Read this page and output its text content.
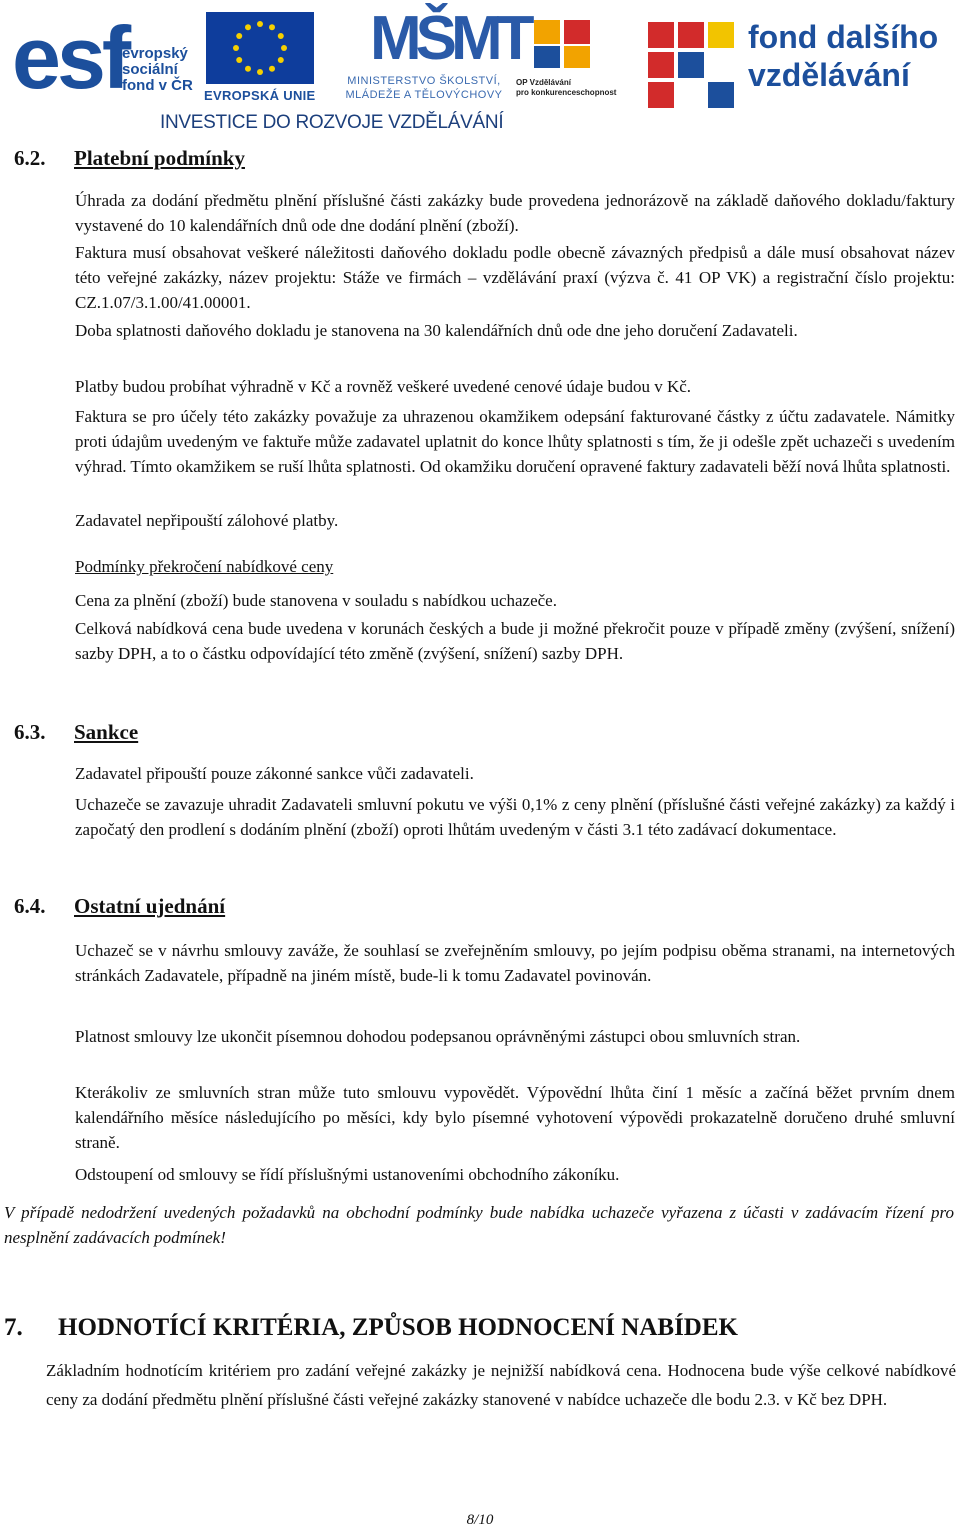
esf
evropský
sociální
fond v ČR
EVROPSKÁ UNIE
MŠMT
MINISTERSTVO ŠKOLSTVÍ,
MLÁDEŽE A TĚLOVÝCHOVY
OP Vzdělávání
pro konkurenceschopnost
fond dalšího
vzdělávání
INVESTICE DO ROZVOJE VZDĚLÁVÁNÍ
6.2. Platební podmínky

Úhrada za dodání předmětu plnění příslušné části zakázky bude provedena jednorázově na základě daňového dokladu/faktury vystavené do 10 kalendářních dnů ode dne dodání plnění (zboží).

Faktura musí obsahovat veškeré náležitosti daňového dokladu podle obecně závazných předpisů a dále musí obsahovat název této veřejné zakázky, název projektu: Stáže ve firmách – vzdělávání praxí (výzva č. 41 OP VK) a registrační číslo projektu: CZ.1.07/3.1.00/41.00001.

Doba splatnosti daňového dokladu je stanovena na 30 kalendářních dnů ode dne jeho doručení Zadavateli.

Platby budou probíhat výhradně v Kč a rovněž veškeré uvedené cenové údaje budou v Kč.

Faktura se pro účely této zakázky považuje za uhrazenou okamžikem odepsání fakturované částky z účtu zadavatele. Námitky proti údajům uvedeným ve faktuře může zadavatel uplatnit do konce lhůty splatnosti s tím, že ji odešle zpět uchazeči s uvedením výhrad. Tímto okamžikem se ruší lhůta splatnosti. Od okamžiku doručení opravené faktury zadavateli běží nová lhůta splatnosti.

Zadavatel nepřipouští zálohové platby.

Podmínky překročení nabídkové ceny

Cena za plnění (zboží) bude stanovena v souladu s nabídkou uchazeče.

Celková nabídková cena bude uvedena v korunách českých a bude ji možné překročit pouze v případě změny (zvýšení, snížení) sazby DPH, a to o částku odpovídající této změně (zvýšení, snížení) sazby DPH.

6.3. Sankce

Zadavatel připouští pouze zákonné sankce vůči zadavateli.

Uchazeče se zavazuje uhradit Zadavateli smluvní pokutu ve výši 0,1% z ceny plnění (příslušné části veřejné zakázky) za každý i započatý den prodlení s dodáním plnění (zboží) oproti lhůtám uvedeným v části 3.1 této zadávací dokumentace.

6.4. Ostatní ujednání

Uchazeč se v návrhu smlouvy zaváže, že souhlasí se zveřejněním smlouvy, po jejím podpisu oběma stranami, na internetových stránkách Zadavatele, případně na jiném místě, bude-li k tomu Zadavatel povinován.

Platnost smlouvy lze ukončit písemnou dohodou podepsanou oprávněnými zástupci obou smluvních stran.

Kterákoliv ze smluvních stran může tuto smlouvu vypovědět. Výpovědní lhůta činí 1 měsíc a začíná běžet prvním dnem kalendářního měsíce následujícího po měsíci, kdy bylo písemné vyhotovení výpovědi prokazatelně doručeno druhé smluvní straně.

Odstoupení od smlouvy se řídí příslušnými ustanoveními obchodního zákoníku.

V případě nedodržení uvedených požadavků na obchodní podmínky bude nabídka uchazeče vyřazena z účasti v zadávacím řízení pro nesplnění zadávacích podmínek!

7. HODNOTÍCÍ KRITÉRIA, ZPŮSOB HODNOCENÍ NABÍDEK

Základním hodnotícím kritériem pro zadání veřejné zakázky je nejnižší nabídková cena. Hodnocena bude výše celkové nabídkové ceny za dodání předmětu plnění příslušné části veřejné zakázky stanovené v nabídce uchazeče dle bodu 2.3. v Kč bez DPH.

8/10
